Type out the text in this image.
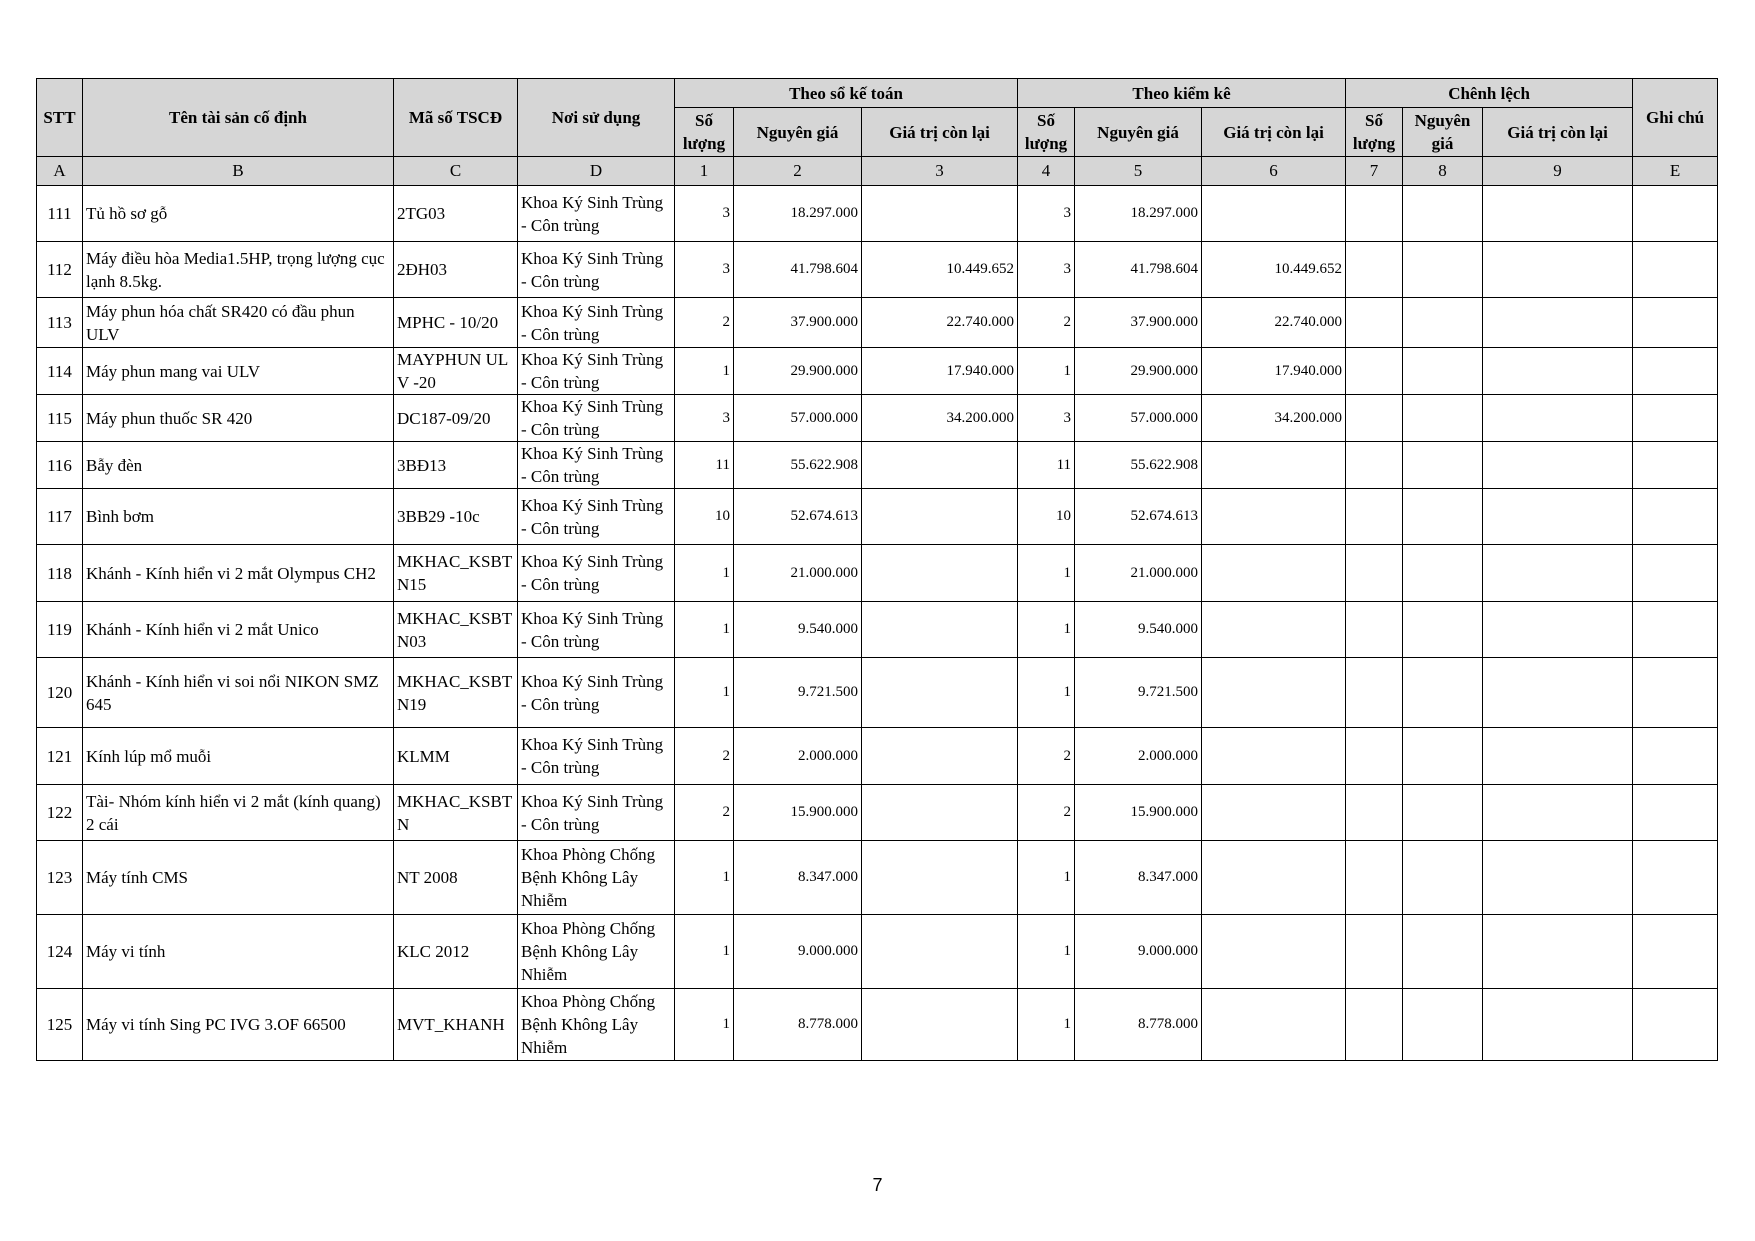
STT	Tên tài sản cố định	Mã số TSCĐ	Nơi sử dụng	Theo sổ kế toán			Theo kiểm kê			Chênh lệch			Ghi chú
				Số lượng	Nguyên giá	Giá trị còn lại	Số lượng	Nguyên giá	Giá trị còn lại	Số lượng	Nguyên giá	Giá trị còn lại	
A	B	C	D	1	2	3	4	5	6	7	8	9	E
111	Tủ hồ sơ gỗ	2TG03	Khoa Ký Sinh Trùng - Côn trùng	3	18.297.000		3	18.297.000					
112	Máy điều hòa Media1.5HP, trọng lượng cục lạnh 8.5kg.	2ĐH03	Khoa Ký Sinh Trùng - Côn trùng	3	41.798.604	10.449.652	3	41.798.604	10.449.652				
113	Máy phun hóa chất SR420 có đầu phun ULV	MPHC - 10/20	Khoa Ký Sinh Trùng - Côn trùng	2	37.900.000	22.740.000	2	37.900.000	22.740.000				
114	Máy phun mang vai ULV	MAYPHUN ULV -20	Khoa Ký Sinh Trùng - Côn trùng	1	29.900.000	17.940.000	1	29.900.000	17.940.000				
115	Máy phun thuốc SR 420	DC187-09/20	Khoa Ký Sinh Trùng - Côn trùng	3	57.000.000	34.200.000	3	57.000.000	34.200.000				
116	Bẫy đèn	3BĐ13	Khoa Ký Sinh Trùng - Côn trùng	11	55.622.908		11	55.622.908					
117	Bình bơm	3BB29 -10c	Khoa Ký Sinh Trùng - Côn trùng	10	52.674.613		10	52.674.613					
118	Khánh - Kính hiển vi 2 mắt Olympus CH2	MKHAC_KSBTN15	Khoa Ký Sinh Trùng - Côn trùng	1	21.000.000		1	21.000.000					
119	Khánh - Kính hiển vi 2 mắt Unico	MKHAC_KSBTN03	Khoa Ký Sinh Trùng - Côn trùng	1	9.540.000		1	9.540.000					
120	Khánh - Kính hiển vi soi nổi NIKON SMZ 645	MKHAC_KSBTN19	Khoa Ký Sinh Trùng - Côn trùng	1	9.721.500		1	9.721.500					
121	Kính lúp mổ muỗi	KLMM	Khoa Ký Sinh Trùng - Côn trùng	2	2.000.000		2	2.000.000					
122	Tài- Nhóm kính hiển vi 2 mắt (kính quang) 2 cái	MKHAC_KSBTN	Khoa Ký Sinh Trùng - Côn trùng	2	15.900.000		2	15.900.000					
123	Máy tính CMS	NT 2008	Khoa Phòng Chống Bệnh Không Lây Nhiễm	1	8.347.000		1	8.347.000					
124	Máy vi tính	KLC 2012	Khoa Phòng Chống Bệnh Không Lây Nhiễm	1	9.000.000		1	9.000.000					
125	Máy vi tính Sing PC IVG 3.OF 66500	MVT_KHANH	Khoa Phòng Chống Bệnh Không Lây Nhiễm	1	8.778.000		1	8.778.000					
7
